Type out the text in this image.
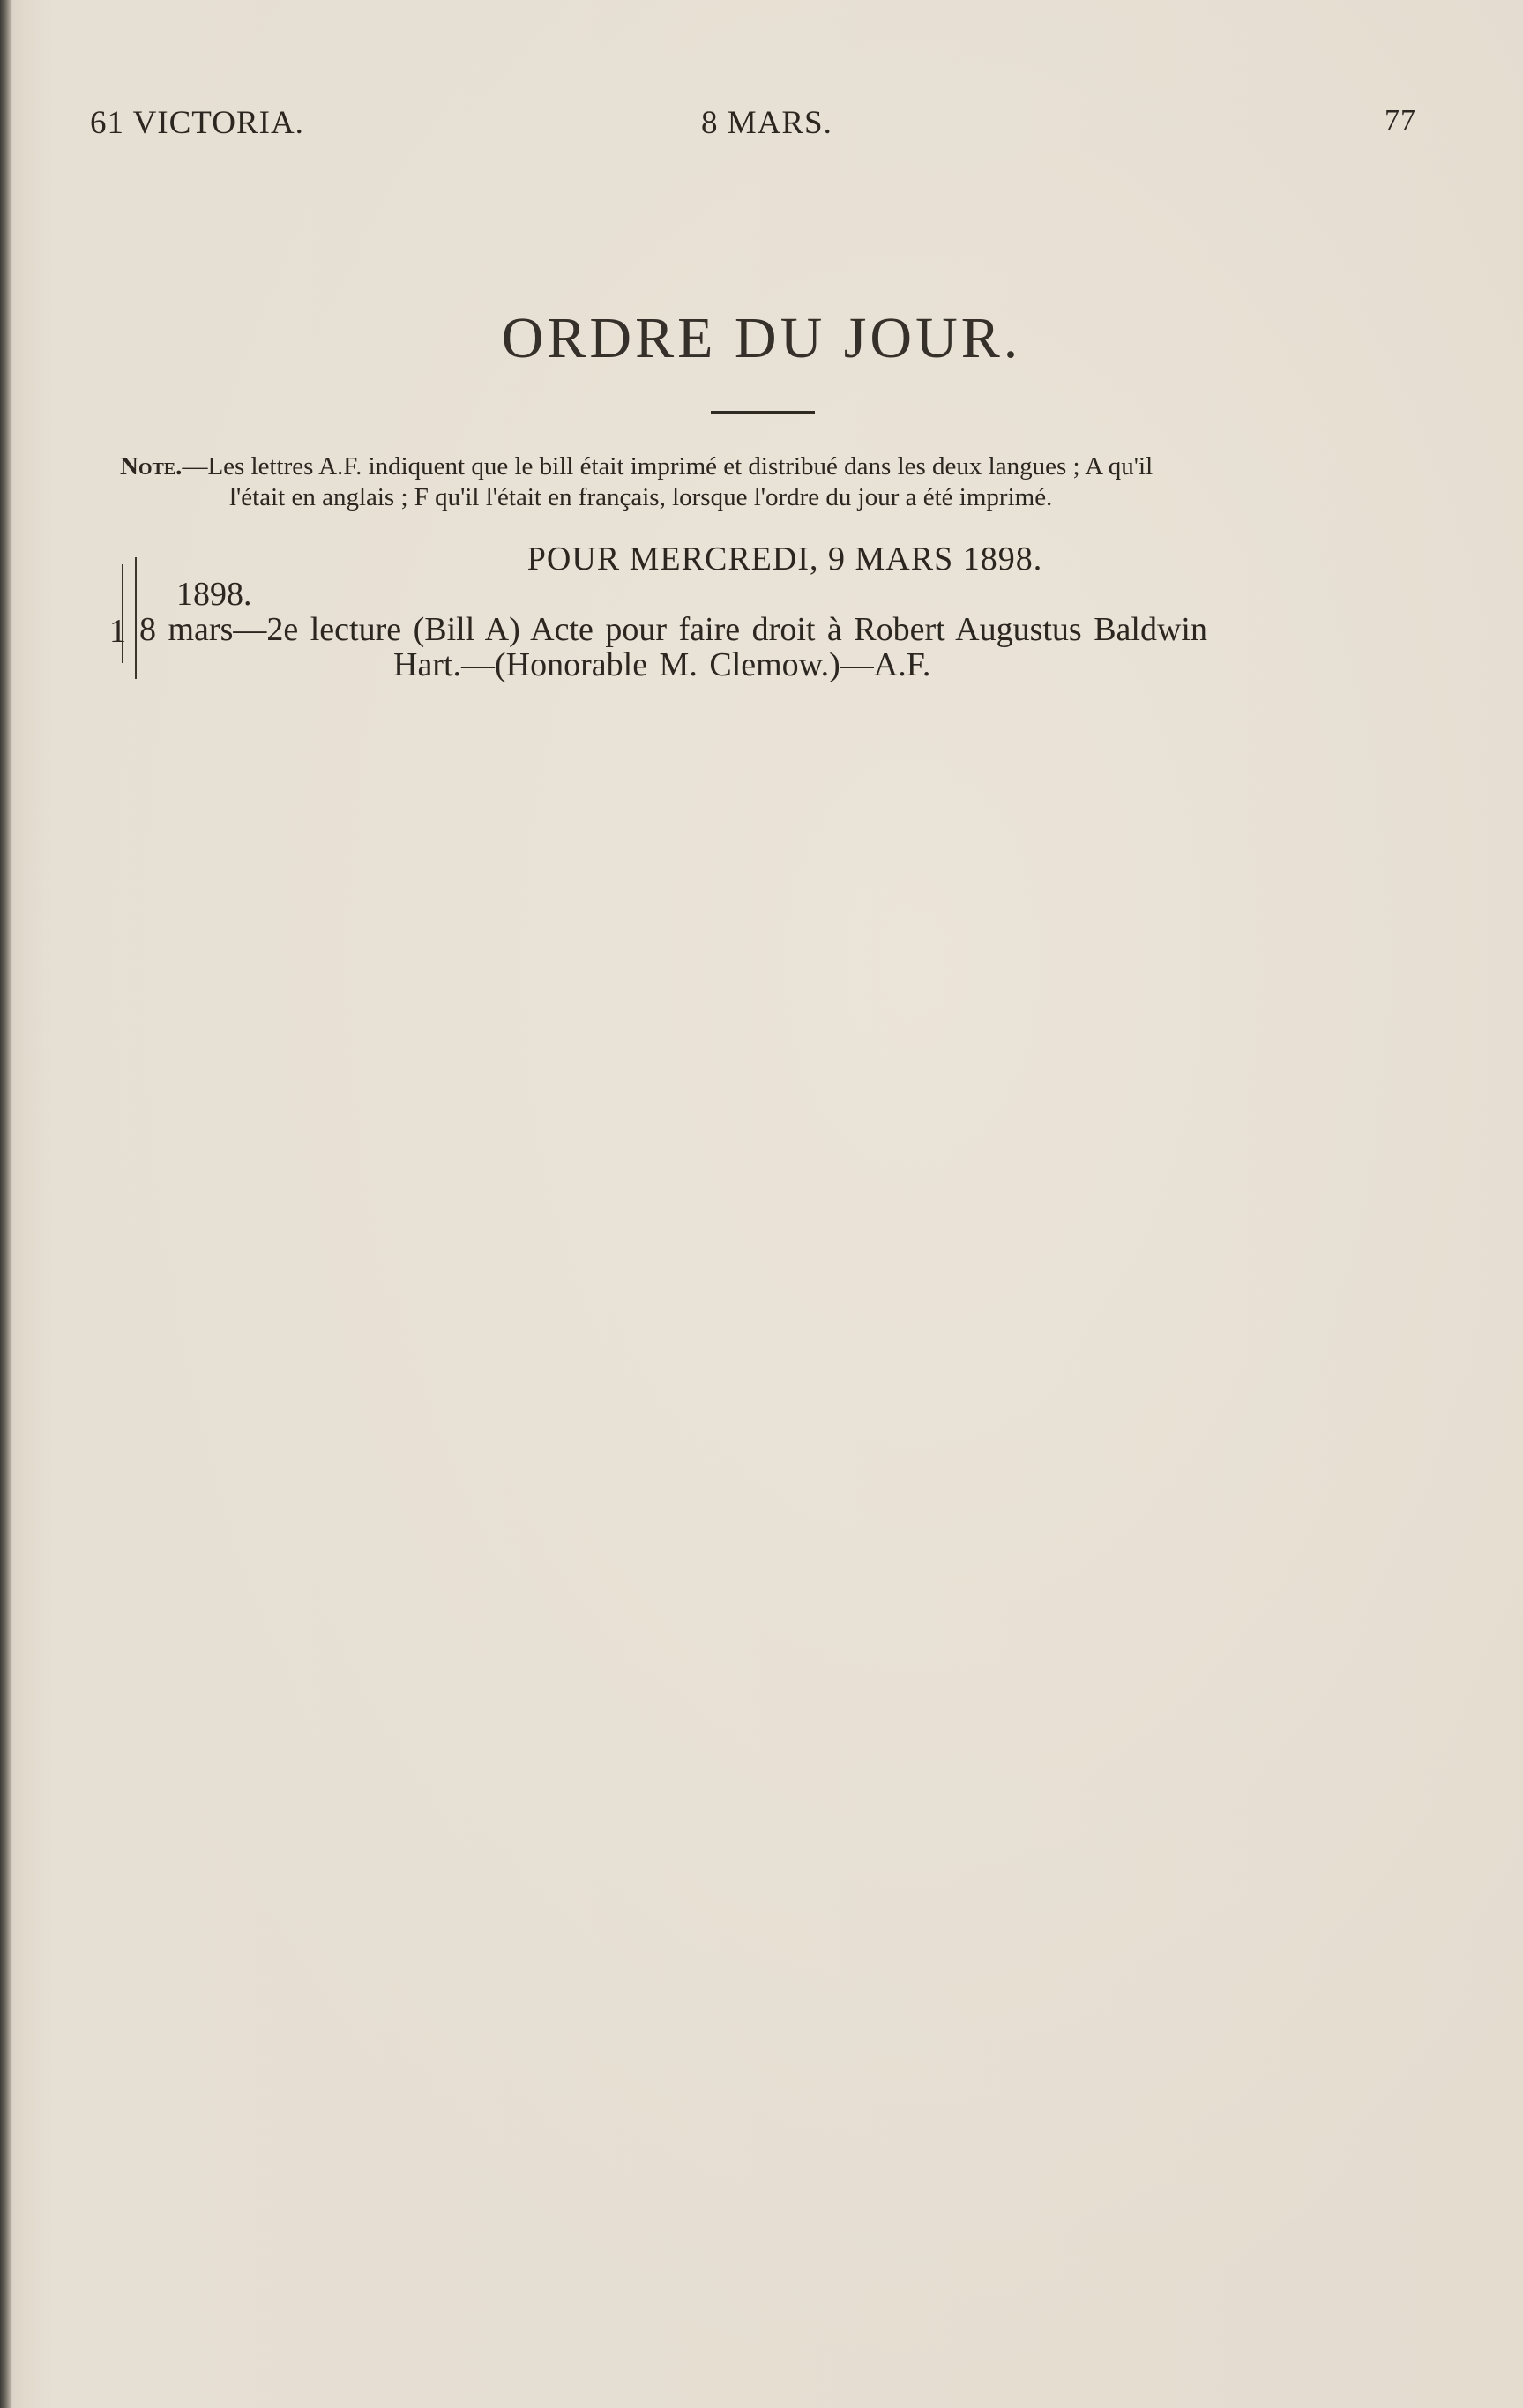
61 VICTORIA.	8 MARS.	77
ORDRE DU JOUR.
Note.—Les lettres A.F. indiquent que le bill était imprimé et distribué dans les deux langues ; A qu'il
l'était en anglais ; F qu'il l'était en français, lorsque l'ordre du jour a été imprimé.
POUR MERCREDI, 9 MARS 1898.
1898.
1 8 mars—2e lecture (Bill A) Acte pour faire droit à Robert Augustus Baldwin
Hart.—(Honorable M. Clemow.)—A.F.
